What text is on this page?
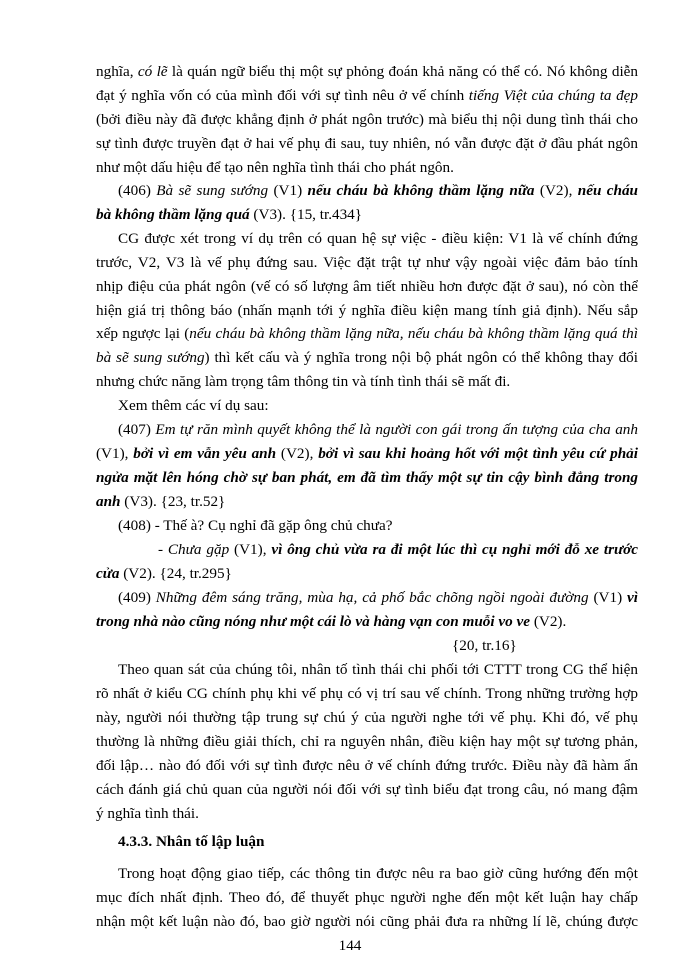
nghĩa, có lẽ là quán ngữ biểu thị một sự phỏng đoán khả năng có thể có. Nó không diễn
đạt ý nghĩa vốn có của mình đối với sự tình nêu ở vế chính tiếng Việt của chúng ta đẹp
(bởi điều này đã được khẳng định ở phát ngôn trước) mà biểu thị nội dung tình thái cho
sự tình được truyền đạt ở hai vế phụ đi sau, tuy nhiên, nó vẫn được đặt ở đầu phát ngôn
như một dấu hiệu để tạo nên nghĩa tình thái cho phát ngôn.
(406) Bà sẽ sung sướng (V1) nếu cháu bà không thầm lặng nữa (V2), nếu cháu
bà không thầm lặng quá (V3). {15, tr.434}
CG được xét trong ví dụ trên có quan hệ sự việc - điều kiện: V1 là vế chính đứng
trước, V2, V3 là vế phụ đứng sau. Việc đặt trật tự như vậy ngoài việc đảm bảo tính
nhịp điệu của phát ngôn (vế có số lượng âm tiết nhiều hơn được đặt ở sau), nó còn thể
hiện giá trị thông báo (nhấn mạnh tới ý nghĩa điều kiện mang tính giả định). Nếu sắp
xếp ngược lại (nếu cháu bà không thầm lặng nữa, nếu cháu bà không thầm lặng quá thì
bà sẽ sung sướng) thì kết cấu và ý nghĩa trong nội bộ phát ngôn có thể không thay đổi
nhưng chức năng làm trọng tâm thông tin và tính tình thái sẽ mất đi.
Xem thêm các ví dụ sau:
(407) Em tự răn mình quyết không thể là người con gái trong ấn tượng của cha anh
(V1), bởi vì em vẫn yêu anh (V2), bởi vì sau khi hoảng hốt với một tình yêu cứ phải
ngửa mặt lên hóng chờ sự ban phát, em đã tìm thấy một sự tin cậy bình đẳng trong
anh (V3). {23, tr.52}
(408) - Thế à? Cụ nghỉ đã gặp ông chủ chưa?
- Chưa gặp (V1), vì ông chủ vừa ra đi một lúc thì cụ nghỉ mới đỗ xe trước
cửa (V2). {24, tr.295}
(409) Những đêm sáng trăng, mùa hạ, cả phố bắc chõng ngồi ngoài đường (V1) vì
trong nhà nào cũng nóng như một cái lò và hàng vạn con muỗi vo ve (V2).
{20, tr.16}
Theo quan sát của chúng tôi, nhân tố tình thái chi phối tới CTTT trong CG thể hiện
rõ nhất ở kiểu CG chính phụ khi vế phụ có vị trí sau vế chính. Trong những trường hợp
này, người nói thường tập trung sự chú ý của người nghe tới vế phụ. Khi đó, vế phụ
thường là những điều giải thích, chỉ ra nguyên nhân, điều kiện hay một sự tương phản,
đối lập… nào đó đối với sự tình được nêu ở vế chính đứng trước. Điều này đã hàm ẩn
cách đánh giá chủ quan của người nói đối với sự tình biểu đạt trong câu, nó mang đậm
ý nghĩa tình thái.
4.3.3. Nhân tố lập luận
Trong hoạt động giao tiếp, các thông tin được nêu ra bao giờ cũng hướng đến một
mục đích nhất định. Theo đó, để thuyết phục người nghe đến một kết luận hay chấp
nhận một kết luận nào đó, bao giờ người nói cũng phải đưa ra những lí lẽ, chúng được
144
